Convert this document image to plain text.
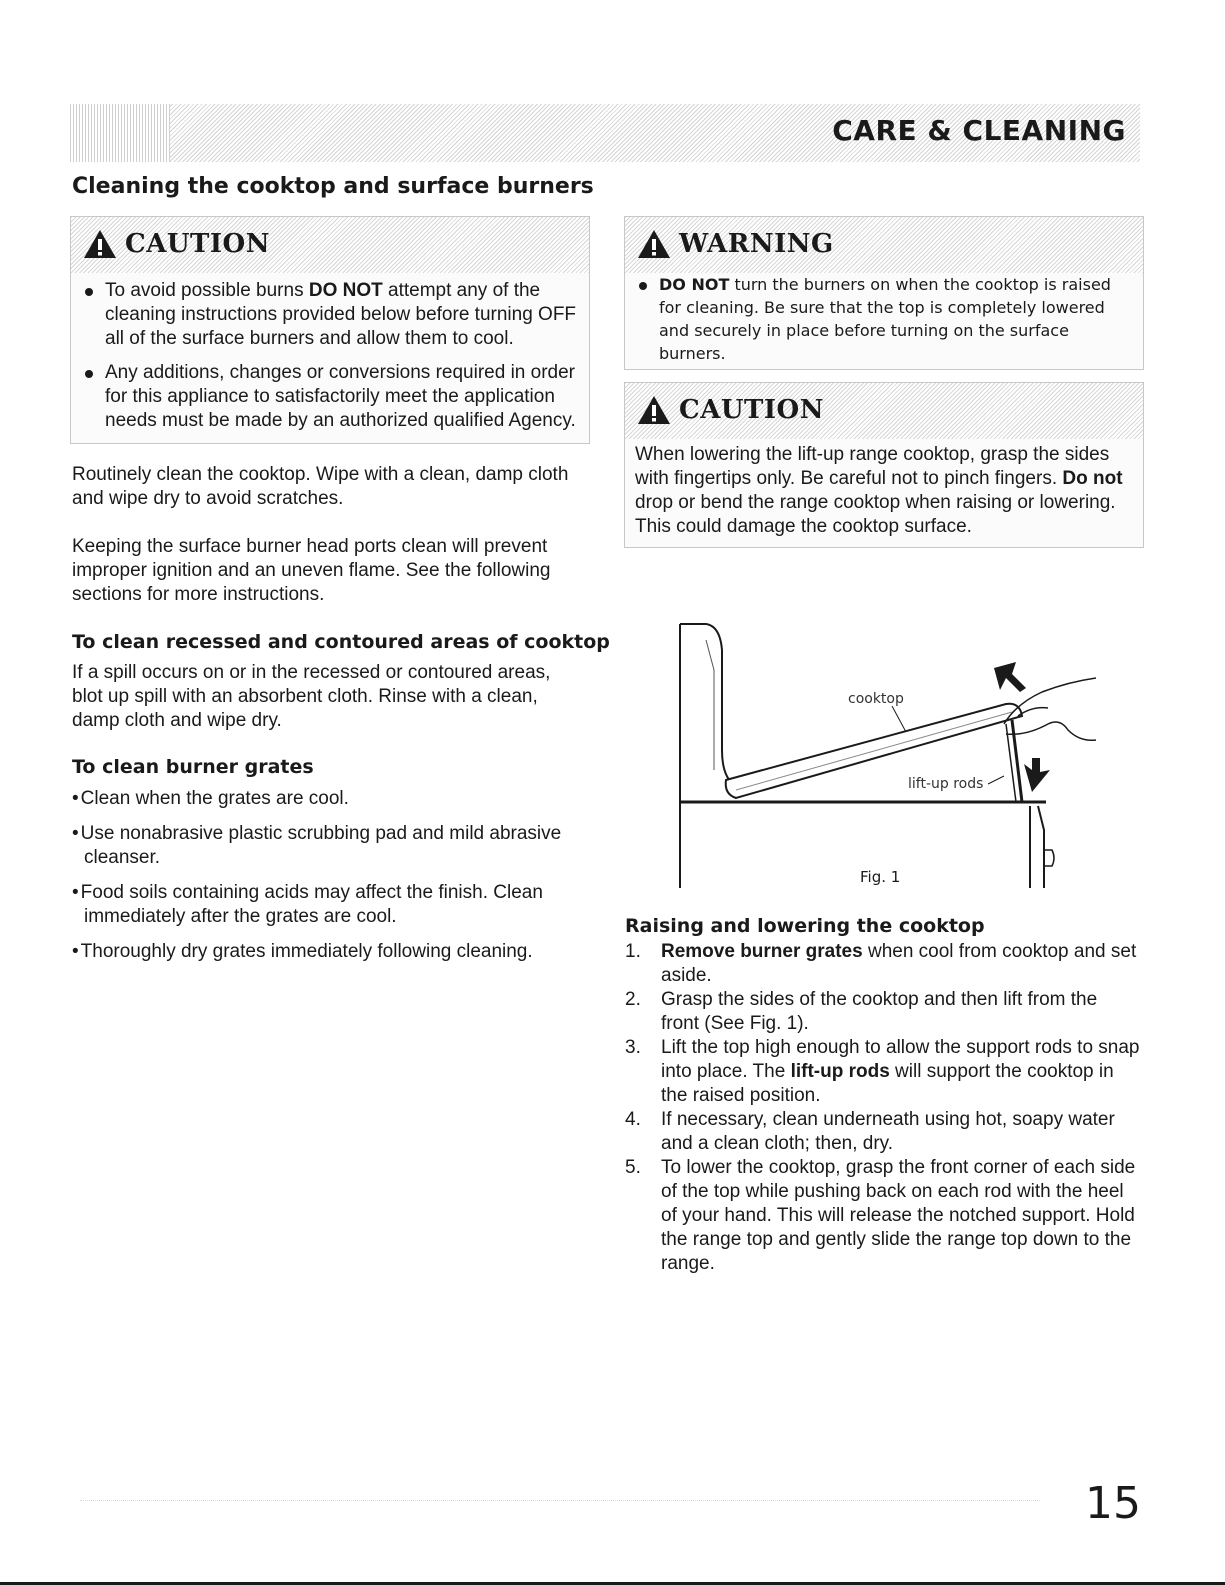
CARE & CLEANING
Cleaning the cooktop and surface burners
CAUTION
To avoid possible burns DO NOT attempt any of the cleaning instructions provided below before turning OFF all of the surface burners and allow them to cool.
Any additions, changes or conversions required in order for this appliance to satisfactorily meet the application needs must be made by an authorized qualified Agency.

Routinely clean the cooktop. Wipe with a clean, damp cloth and wipe dry to avoid scratches.

Keeping the surface burner head ports clean will prevent improper ignition and an uneven flame. See the following sections for more instructions.

To clean recessed and contoured areas of cooktop

If a spill occurs on or in the recessed or contoured areas, blot up spill with an absorbent cloth. Rinse with a clean, damp cloth and wipe dry.

To clean burner grates
• Clean when the grates are cool.
• Use nonabrasive plastic scrubbing pad and mild abrasive cleanser.
• Food soils containing acids may affect the finish. Clean immediately after the grates are cool.
• Thoroughly dry grates immediately following cleaning.
WARNING
DO NOT turn the burners on when the cooktop is raised for cleaning. Be sure that the top is completely lowered and securely in place before turning on the surface burners.
CAUTION

When lowering the lift-up range cooktop, grasp the sides with fingertips only. Be careful not to pinch fingers. Do not drop or bend the range cooktop when raising or lowering. This could damage the cooktop surface.

cooktop
lift-up rods
Fig. 1
Raising and lowering the cooktop
1. Remove burner grates when cool from cooktop and set aside.
2. Grasp the sides of the cooktop and then lift from the front (See Fig. 1).
3. Lift the top high enough to allow the support rods to snap into place. The lift-up rods will support the cooktop in the raised position.
4. If necessary, clean underneath using hot, soapy water and a clean cloth; then, dry.
5. To lower the cooktop, grasp the front corner of each side of the top while pushing back on each rod with the heel of your hand. This will release the notched support. Hold the range top and gently slide the range top down to the range.
15
